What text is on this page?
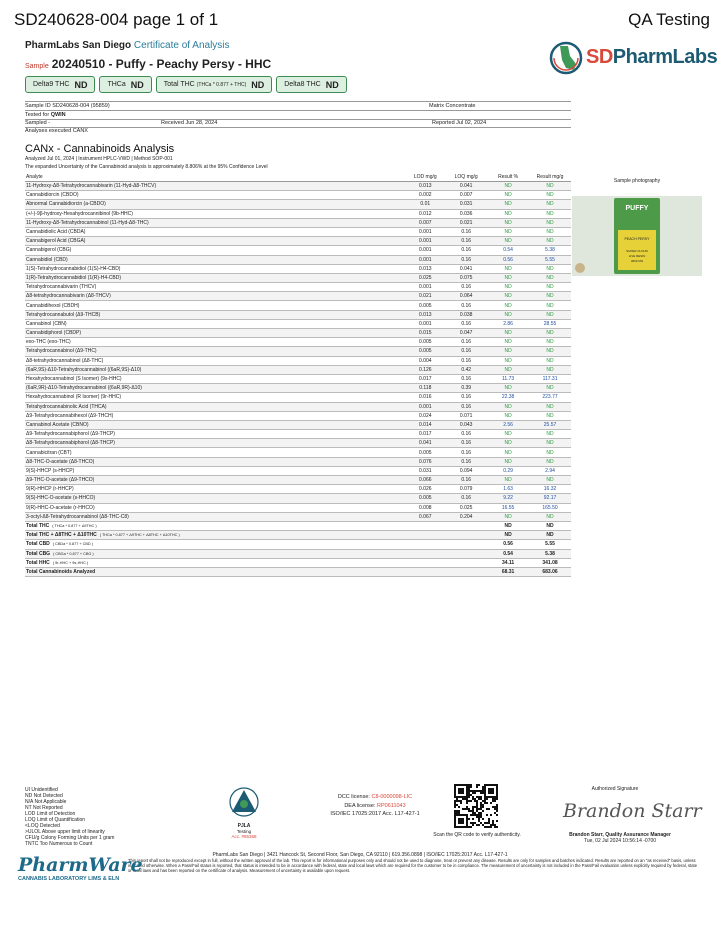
SD240628-004 page 1 of 1	QA Testing
PharmLabs San Diego Certificate of Analysis
Sample 20240510 - Puffy - Peachy Persy - HHC
Delta9 THC ND	THCa ND	Total THC (THCa * 0.877 + THC) ND	Delta8 THC ND
SDPharmLabs
Sample ID SD240628-004 (95859)	Matrix Concentrate
Tested for QWIN
Sampled -	Received Jun 28, 2024	Reported Jul 02, 2024
Analyses executed CANX
CANx - Cannabinoids Analysis
Analyzed Jul 01, 2024 | Instrument HPLC-VWD | Method SOP-001
The expanded Uncertainty of the Cannabinoid analysis is approximately 8.806% at the 95% Confidence Level
Analyte	LOD mg/g	LOQ mg/g	Result %	Result mg/g
11-Hydroxy-Δ8-Tetrahydrocannabivarin (11-Hyd-Δ8-THCV)	0.013	0.041	ND	ND
Cannabidiorcin (CBDO)	0.002	0.007	ND	ND
Abnormal Cannabidiorcin (a-CBDO)	0.01	0.031	ND	ND
(+/-)-9β-hydroxy-Hexahydrocannibinol (9b-HHC)	0.012	0.036	ND	ND
11-Hydroxy-Δ8-Tetrahydrocannabinol (11-Hyd-Δ8-THC)	0.007	0.021	ND	ND
Cannabidiolic Acid (CBDA)	0.001	0.16	ND	ND
Cannabigerol Acid (CBGA)	0.001	0.16	ND	ND
Cannabigerol (CBG)	0.001	0.16	0.54	5.38
Cannabidiol (CBD)	0.001	0.16	0.56	5.55
1(S)-Tetrahydrocannabidiol (1(S)-H4-CBD)	0.013	0.041	ND	ND
1(R)-Tetrahydrocannabidiol (1(R)-H4-CBD)	0.025	0.075	ND	ND
Tetrahydrocannabivarin (THCV)	0.001	0.16	ND	ND
Δ8-tetrahydrocannabivarin (Δ8-THCV)	0.021	0.064	ND	ND
Cannabidihexol (CBDH)	0.005	0.16	ND	ND
Tetrahydrocannabutol (Δ9-THCB)	0.013	0.038	ND	ND
Cannabinol (CBN)	0.001	0.16	2.86	28.55
Cannabidiphorol (CBDP)	0.015	0.047	ND	ND
exo-THC (exo-THC)	0.005	0.16	ND	ND
Tetrahydrocannabinol (Δ9-THC)	0.005	0.16	ND	ND
Δ8-tetrahydrocannabinol (Δ8-THC)	0.004	0.16	ND	ND
(6aR,9S)-Δ10-Tetrahydrocannabinol ((6aR,9S)-Δ10)	0.126	0.42	ND	ND
Hexahydrocannabinol (S Isomer) (9s-HHC)	0.017	0.16	11.73	117.31
(6aR,9R)-Δ10-Tetrahydrocannabinol ((6aR,9R)-Δ10)	0.118	0.39	ND	ND
Hexahydrocannabinol (R Isomer) (9r-HHC)	0.016	0.16	22.38	223.77
Tetrahydrocannabinolic Acid (THCA)	0.001	0.16	ND	ND
Δ9-Tetrahydrocannabihexol (Δ9-THCH)	0.024	0.071	ND	ND
Cannabinol Acetate (CBNO)	0.014	0.043	2.56	25.57
Δ9-Tetrahydrocannabiphorol (Δ9-THCP)	0.017	0.16	ND	ND
Δ8-Tetrahydrocannabiphorol (Δ8-THCP)	0.041	0.16	ND	ND
Cannabicitran (CBT)	0.005	0.16	ND	ND
Δ8-THC-O-acetate (Δ8-THCO)	0.076	0.16	ND	ND
9(S)-HHCP (s-HHCP)	0.031	0.094	0.29	2.94
Δ9-THC-O-acetate (Δ9-THCO)	0.066	0.16	ND	ND
9(R)-HHCP (r-HHCP)	0.026	0.079	1.63	16.32
9(S)-HHC-O-acetate (s-HHCO)	0.005	0.16	9.22	92.17
9(R)-HHC-O-acetate (r-HHCO)	0.008	0.025	16.55	165.50
3-octyl-Δ8-Tetrahydrocannabinol (Δ8-THC-C8)	0.067	0.204	ND	ND
Total THC ( THCa * 0.877 + Δ9THC )			ND	ND
Total THC + Δ8THC + Δ10THC ( THCa * 0.877 + Δ9THC + Δ8THC + Δ10THC )			ND	ND
Total CBD ( CBDa * 0.877 + CBD )			0.56	5.55
Total CBG ( CBGa * 0.877 + CBG )			0.54	5.38
Total HHC ( 9r-HHC + 9s-HHC )			34.11	341.08
Total Cannabinoids Analyzed			68.31	683.06
Sample photography
PUFFY
PEACH PERSY
SUPER CLOUD
LIVE RESIN
3000 MG
UI Unidentified
ND Not Detected
N/A Not Applicable
NT Not Reported
LOD Limit of Detection
LOQ Limit of Quantification
<LOQ Detected
>ULOL Above upper limit of linearity
CFU/g Colony Forming Units per 1 gram
TNTC Too Numerous to Count
PJLA
Testing
Acc. #85368
DCC license: C8-0000098-LIC
DEA license: RP0611043
ISO/IEC 17025:2017 Acc. L17-427-1
Scan the QR code to verify authenticity.
Authorized Signature
Brandon Starr
Brandon Starr, Quality Assurance Manager
Tue, 02 Jul 2024 10:56:14 -0700
PharmLabs San Diego | 3421 Hancock St, Second Floor, San Diego, CA 92110 | 619.356.0898 | ISO/IEC 17025:2017 Acc. L17-427-1
This report shall not be reproduced except in full, without the written approval of the lab. This report is for informational purposes only and should not be used to diagnose, treat or prevent any disease. Results are only for samples and batches indicated. Results are reported on an "as received" basis, unless indicated otherwise. When a Pass/Fail status is reported, that status is intended to be in accordance with federal, state and local laws which are required for the customer to be in compliance. The measurement of uncertainty is not included in the Pass/Fail evaluation unless explicitly required by federal, state or local laws and has been reported on the certificate of analysis. Measurement of uncertainty is available upon request.
PharmWare
CANNABIS LABORATORY LIMS & ELN
